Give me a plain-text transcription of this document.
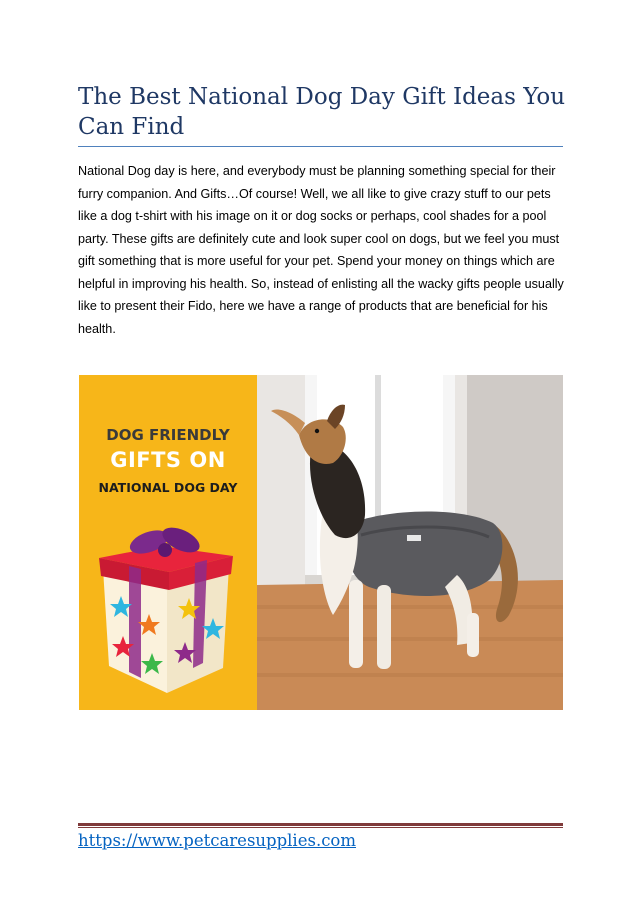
The Best National Dog Day Gift Ideas You Can Find

National Dog day is here, and everybody must be planning something special for their furry companion. And Gifts…Of course! Well, we all like to give crazy stuff to our pets like a dog t-shirt with his image on it or dog socks or perhaps, cool shades for a pool party. These gifts are definitely cute and look super cool on dogs, but we feel you must gift something that is more useful for your pet. Spend your money on things which are helpful in improving his health. So, instead of enlisting all the wacky gifts people usually like to present their Fido, here we have a range of products that are beneficial for his health.

DOG FRIENDLY
GIFTS ON
NATIONAL DOG DAY
https://www.petcaresupplies.com
